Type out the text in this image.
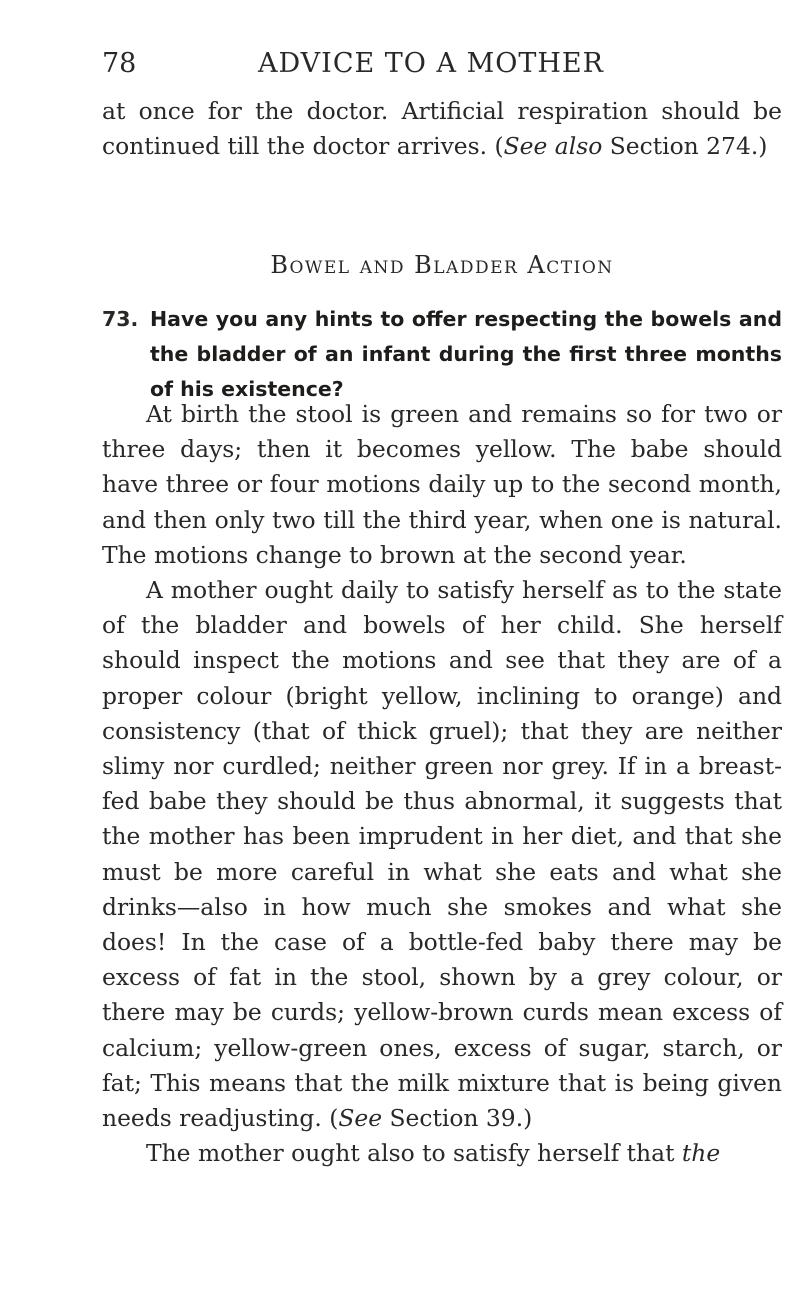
78	ADVICE TO A MOTHER

at once for the doctor. Artificial respiration should be continued till the doctor arrives. (See also Section 274.)

Bowel and Bladder Action
73. Have you any hints to offer respecting the bowels and the bladder of an infant during the first three months of his existence?

At birth the stool is green and remains so for two or three days; then it becomes yellow. The babe should have three or four motions daily up to the second month, and then only two till the third year, when one is natural. The motions change to brown at the second year.

A mother ought daily to satisfy herself as to the state of the bladder and bowels of her child. She herself should inspect the motions and see that they are of a proper colour (bright yellow, inclining to orange) and consistency (that of thick gruel); that they are neither slimy nor curdled; neither green nor grey. If in a breast-fed babe they should be thus abnormal, it suggests that the mother has been imprudent in her diet, and that she must be more careful in what she eats and what she drinks—also in how much she smokes and what she does! In the case of a bottle-fed baby there may be excess of fat in the stool, shown by a grey colour, or there may be curds; yellow-brown curds mean excess of calcium; yellow-green ones, excess of sugar, starch, or fat; This means that the milk mixture that is being given needs readjusting. (See Section 39.)

The mother ought also to satisfy herself that the
